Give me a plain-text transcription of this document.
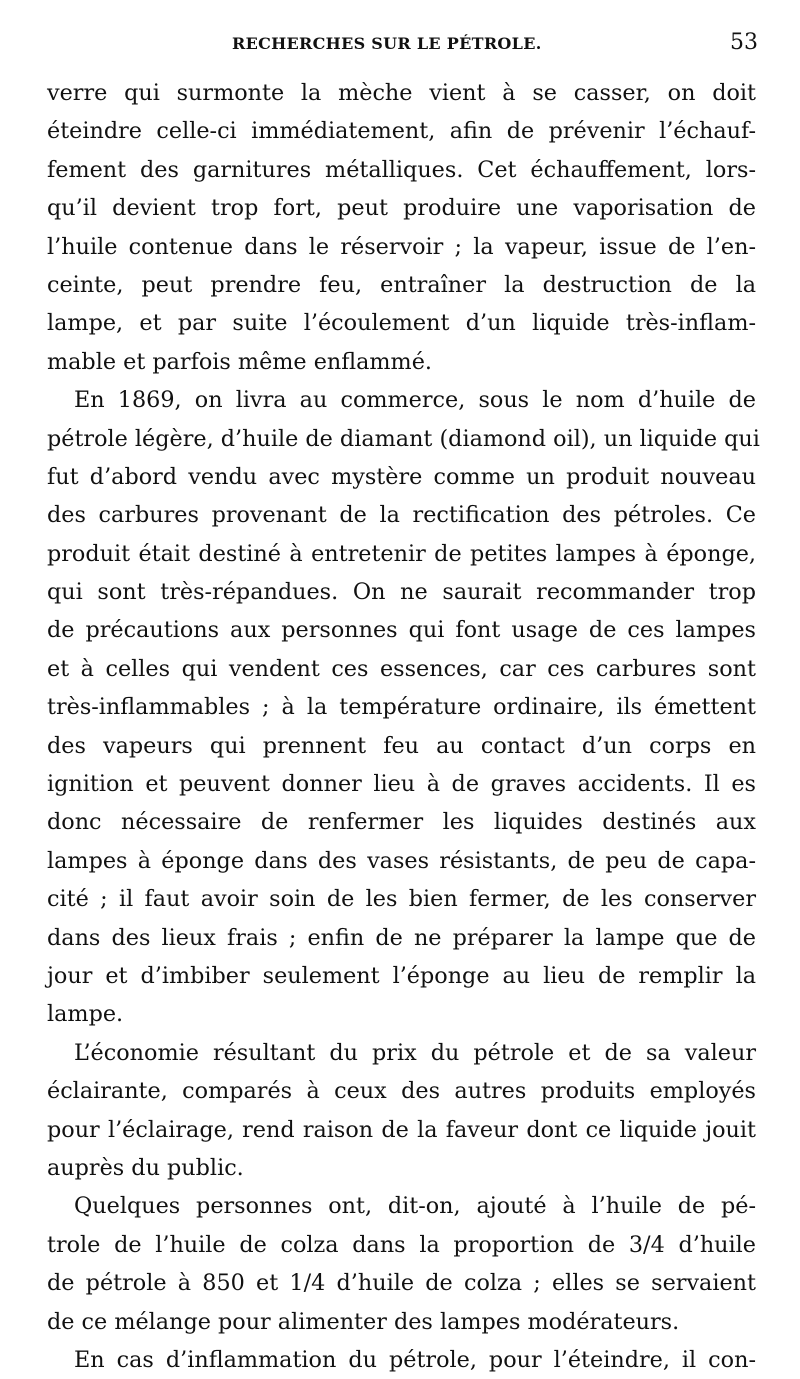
RECHERCHES SUR LE PÉTROLE.	53
verre qui surmonte la mèche vient à se casser, on doit
éteindre celle-ci immédiatement, afin de prévenir l’échauf-
fement des garnitures métalliques. Cet échauffement, lors-
qu’il devient trop fort, peut produire une vaporisation de
l’huile contenue dans le réservoir ; la vapeur, issue de l’en-
ceinte, peut prendre feu, entraîner la destruction de la
lampe, et par suite l’écoulement d’un liquide très-inflam-
mable et parfois même enflammé.
En 1869, on livra au commerce, sous le nom d’huile de
pétrole légère, d’huile de diamant (diamond oil), un liquide qui
fut d’abord vendu avec mystère comme un produit nouveau
des carbures provenant de la rectification des pétroles. Ce
produit était destiné à entretenir de petites lampes à éponge,
qui sont très-répandues. On ne saurait recommander trop
de précautions aux personnes qui font usage de ces lampes
et à celles qui vendent ces essences, car ces carbures sont
très-inflammables ; à la température ordinaire, ils émettent
des vapeurs qui prennent feu au contact d’un corps en
ignition et peuvent donner lieu à de graves accidents. Il es
donc nécessaire de renfermer les liquides destinés aux
lampes à éponge dans des vases résistants, de peu de capa-
cité ; il faut avoir soin de les bien fermer, de les conserver
dans des lieux frais ; enfin de ne préparer la lampe que de
jour et d’imbiber seulement l’éponge au lieu de remplir la
lampe.
L’économie résultant du prix du pétrole et de sa valeur
éclairante, comparés à ceux des autres produits employés
pour l’éclairage, rend raison de la faveur dont ce liquide jouit
auprès du public.
Quelques personnes ont, dit-on, ajouté à l’huile de pé-
trole de l’huile de colza dans la proportion de 3/4 d’huile
de pétrole à 850 et 1/4 d’huile de colza ; elles se servaient
de ce mélange pour alimenter des lampes modérateurs.
En cas d’inflammation du pétrole, pour l’éteindre, il con-
